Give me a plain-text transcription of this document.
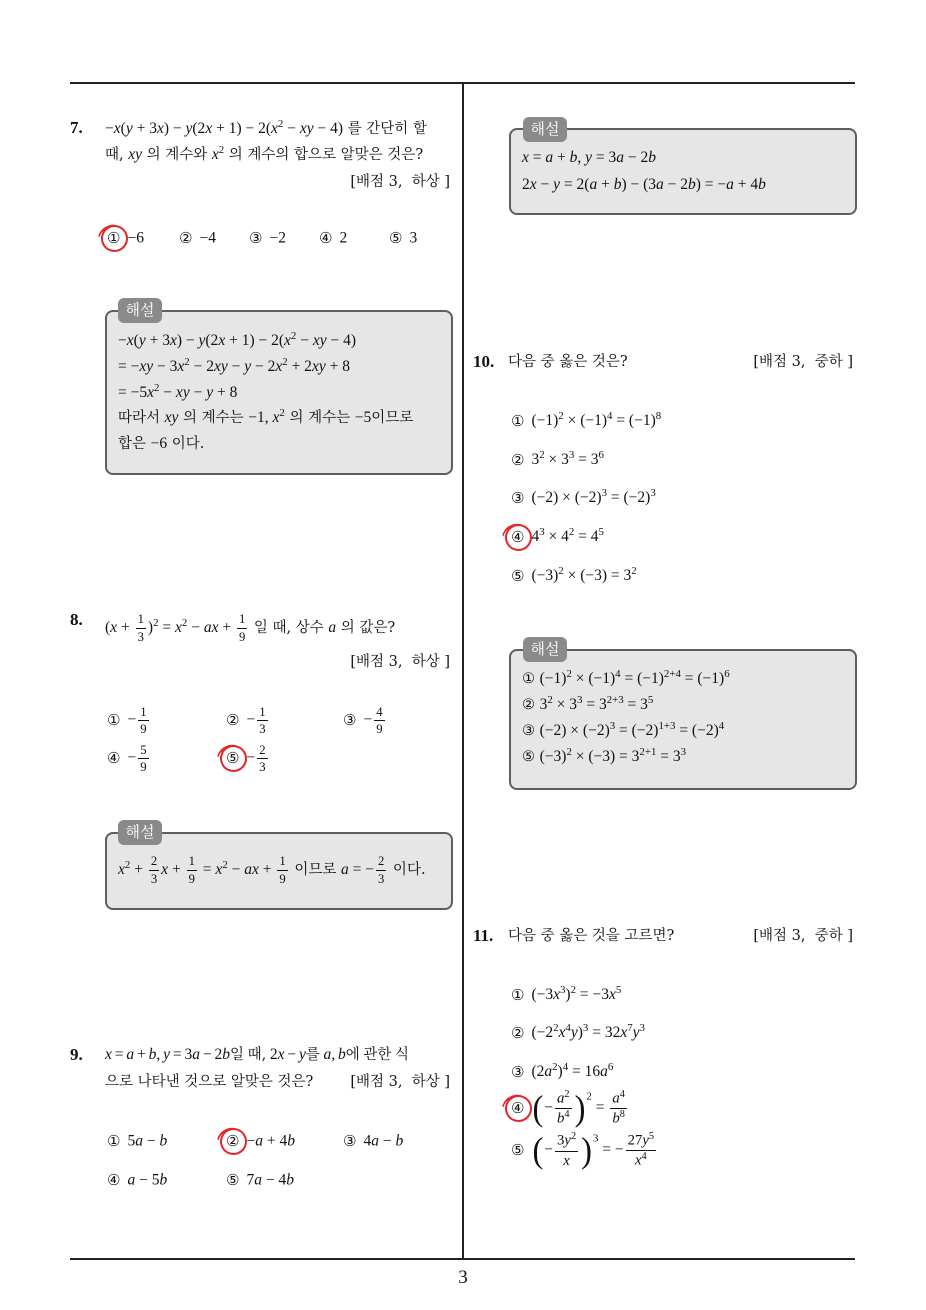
3
7. $-x(y + 3x) - y(2x + 1) - 2(x^2$ − xy − 4) 를 간단히 할
때, xy 의 계수와 $x^2$ 의 계수의 합으로 알맞은 것은?
[배점 3,  하상 ]
① −6 ② −4 ③ −2 ④ 2	⑤ 3
해설
$-x(y + 3x) - y(2x + 1) - 2(x^2$ − xy − 4)
= $-xy - 3x^2 - 2xy - y - 2x^2 + 2xy + 8$
= $-5x^2$ − xy − y + 8
따라서 xy 의 계수는 −1, $x^2$ 의 계수는 −5이므로
합은 −6 이다.
8. $(x + \frac{1}{3} )^2 = x^2$ − ax + $\frac{1}{9}$ 일 때, 상수 a 의 값은?
[배점 3,  하상 ]
① − $\frac{1}{9}$	② − $\frac{1}{3}$	③ − $\frac{4}{9}$
④ − $\frac{5}{9}$	⑤ − $\frac{2}{3}$
해설
$x^2 + \frac{2}{3}$ $x + \frac{1}{9} = x^2$ − ax + $\frac{1}{9}$ 이므로 a = − $\frac{2}{3}$ 이다.
9. x = a + b, y = 3a − 2b일 때, 2x − y를 a, b에 관한 식
으로 나타낸 것으로 알맞은 것은?	[배점 3,  하상 ]
① 5a − b	② −a + 4b	③ 4a − b
④ a − 5b	⑤ 7a − 4b
해설
x = a + b, y = 3a − 2b
2x − y = 2(a + b) − (3a − 2b) = −a + 4b
10. 다음 중 옳은 것은?	[배점 3,  중하 ]
① $(-1)^2 \times (-1)^4 = (-1)^8$
② $3^2 \times 3^3 = 3^6$
③ $(-2) \times (-2)^3 = (-2)^3$
④ $4^3 \times 4^2 = 4^5$
⑤ $(-3)^2 \times (-3) = 3^2$
해설
① $(-1)^2 \times (-1)^4 = (-1)^{2+4} = (-1)^6$
② $3^2 \times 3^3 = 3^{2+3} = 3^5$
③ $(-2) \times (-2)^3 = (-2)^{1+3} = (-2)^4$
⑤ $(-3)^2 \times (-3) = 3^{2+1} = 3^3$
11. 다음 중 옳은 것을 고르면?	[배점 3,  중하 ]
① $(-3x^3)^2 = -3x^5$
② $(-2^2x^4y)^3 = 32x^7y^3$
③ $(2a^2)^4 = 16a^6$
④ (− $\frac{a^2}{b^4} )^2 = \frac{a^4}{b^8}$
⑤ (− $\frac{3y^2}{x} )^3$ = − $\frac{27y^5}{x^4}$
